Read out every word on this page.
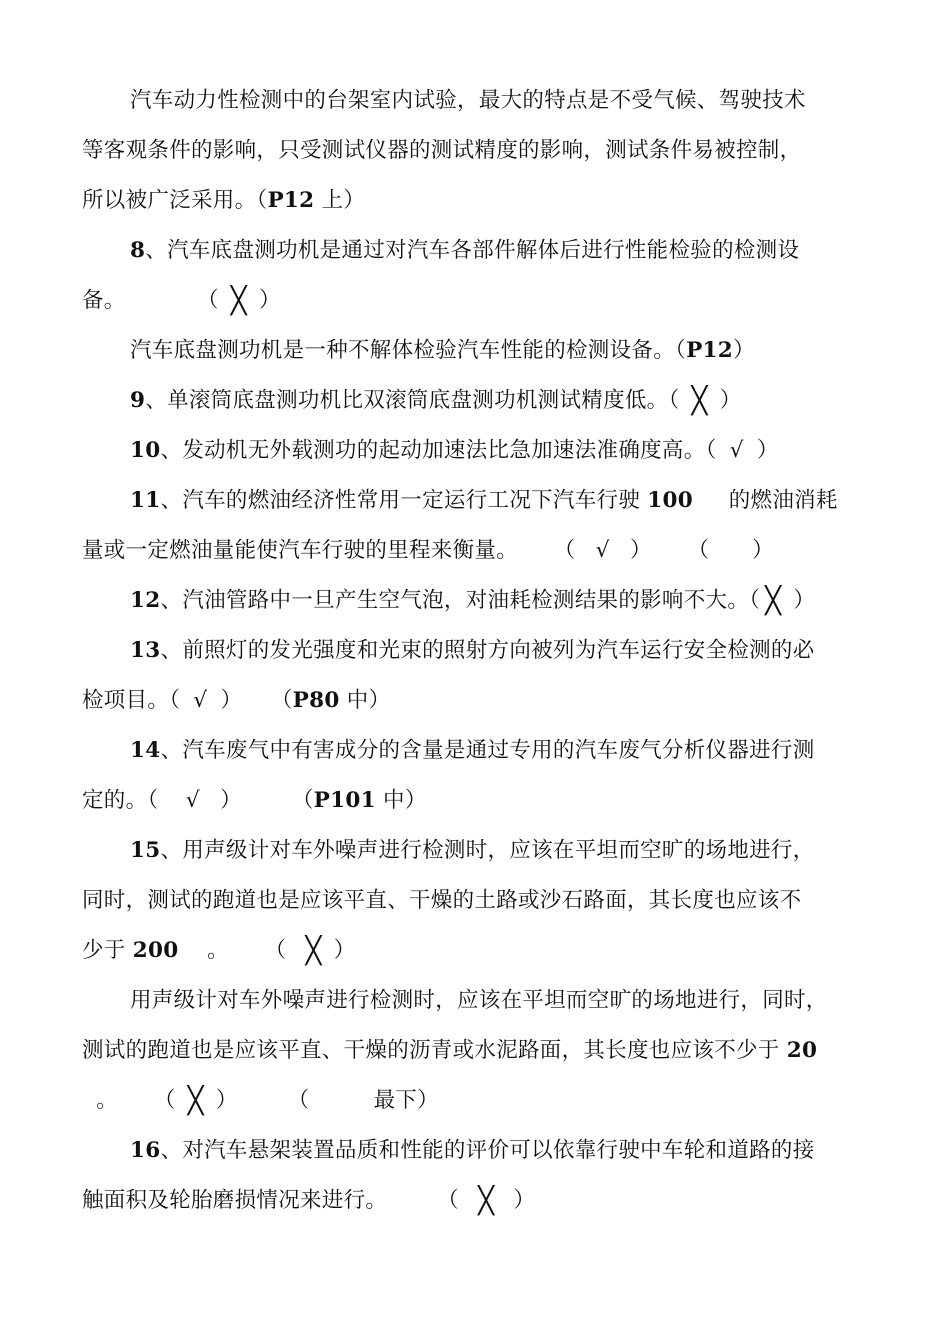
汽车动力性检测中的台架室内试验，最大的特点是不受气候、驾驶技术
等客观条件的影响，只受测试仪器的测试精度的影响，测试条件易被控制，
所以被广泛采用。（P12 上）
8、汽车底盘测功机是通过对汽车各部件解体后进行性能检验的检测设
备。          （ ╳ ）
汽车底盘测功机是一种不解体检验汽车性能的检测设备。（P12）
9、单滚筒底盘测功机比双滚筒底盘测功机测试精度低。（ ╳ ）
10、发动机无外载测功的起动加速法比急加速法准确度高。（ √ ）
11、汽车的燃油经济性常用一定运行工况下汽车行驶 100     的燃油消耗
量或一定燃油量能使汽车行驶的里程来衡量。     （  √  ）     （      ）
12、汽油管路中一旦产生空气泡，对油耗检测结果的影响不大。（ ╳ ）
13、前照灯的发光强度和光束的照射方向被列为汽车运行安全检测的必
检项目。（ √ ）    （P80 中）
14、汽车废气中有害成分的含量是通过专用的汽车废气分析仪器进行测
定的。（   √  ）       （P101 中）
15、用声级计对车外噪声进行检测时，应该在平坦而空旷的场地进行，
同时，测试的跑道也是应该平直、干燥的土路或沙石路面，其长度也应该不
少于 200    。     （  ╳ ）
用声级计对车外噪声进行检测时，应该在平坦而空旷的场地进行，同时，
测试的跑道也是应该平直、干燥的沥青或水泥路面，其长度也应该不少于 20
。     （ ╳ ）       （         最下）
16、对汽车悬架装置品质和性能的评价可以依靠行驶中车轮和道路的接
触面积及轮胎磨损情况来进行。       （  ╳  ）
